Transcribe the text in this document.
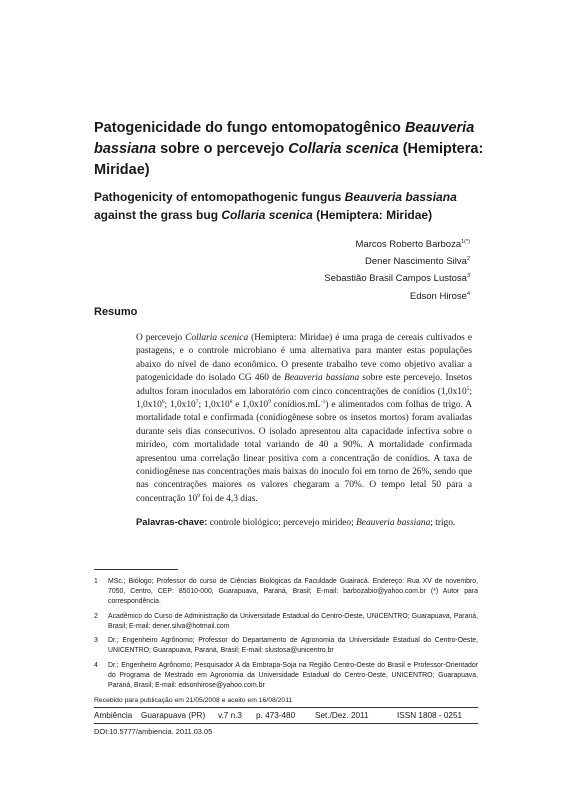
Patogenicidade do fungo entomopatogênico Beauveria bassiana sobre o percevejo Collaria scenica (Hemiptera: Miridae)
Pathogenicity of entomopathogenic fungus Beauveria bassiana against the grass bug Collaria scenica (Hemiptera: Miridae)
Marcos Roberto Barboza$^{1(*)}$
Dener Nascimento Silva$^2$
Sebastião Brasil Campos Lustosa$^3$
Edson Hirose$^4$
Resumo

O percevejo Collaria scenica (Hemiptera: Miridae) é uma praga de cereais cultivados e pastagens, e o controle microbiano é uma alternativa para manter estas populações abaixo do nível de dano econômico. O presente trabalho teve como objetivo avaliar a patogenicidade do isolado CG 460 de Beauveria bassiana sobre este percevejo. Insetos adultos foram inoculados em laboratório com cinco concentrações de conídios ($1,0x10^5$; $1,0x10^6$; $1,0x10^7$; $1,0x10^8$ e $1,0x10^9$ $conídios.mL^{-1}$) e alimentados com folhas de trigo. A mortalidade total e confirmada (conidiogênese sobre os insetos mortos) foram avaliadas durante seis dias consecutivos. O isolado apresentou alta capacidade infectiva sobre o mirídeo, com mortalidade total variando de 40 a 90%. A mortalidade confirmada apresentou uma correlação linear positiva com a concentração de conídios. A taxa de conidiogênese nas concentrações mais baixas do inoculo foi em torno de 26%, sendo que nas concentrações maiores os valores chegaram a 70%. O tempo letal 50 para a concentração $10^9$ foi de 4,3 dias.

Palavras-chave: controle biológico; percevejo mirídeo; Beauveria bassiana; trigo.
1	MSc.; Biólogo; Professor do curso de Ciências Biológicas da Faculdade Guairacá. Endereço: Rua XV de novembro, 7050, Centro, CEP: 85010-000, Guarapuava, Paraná, Brasil; E-mail: barbozabio@yahoo.com.br (*) Autor para correspondência.
2	Acadêmico do Curso de Administração da Universidade Estadual do Centro-Oeste, UNICENTRO; Guarapuava, Paraná, Brasil; E-mail: dener.silva@hotmail.com
3	Dr.; Engenheiro Agrônomo; Professor do Departamento de Agronomia da Universidade Estadual do Centro-Oeste, UNICENTRO; Guarapuava, Paraná, Brasil; E-mail: slustosa@unicentro.br
4	Dr.; Engenheiro Agrônomo; Pesquisador A da Embrapa-Soja na Região Centro-Oeste do Brasil e Professor-Orientador do Programa de Mestrado em Agronomia da Universidade Estadual do Centro-Oeste, UNICENTRO; Guarapuava, Paraná, Brasil; E-mail: edsonhirose@yahoo.com.br
Recebido para publicação em 21/05/2008 e aceito em 16/08/2011
Ambiência Guarapuava (PR) v.7 n.3 p. 473-480 Set./Dez. 2011	ISSN 1808 - 0251
DOI:10.5777/ambiencia. 2011.03.05
